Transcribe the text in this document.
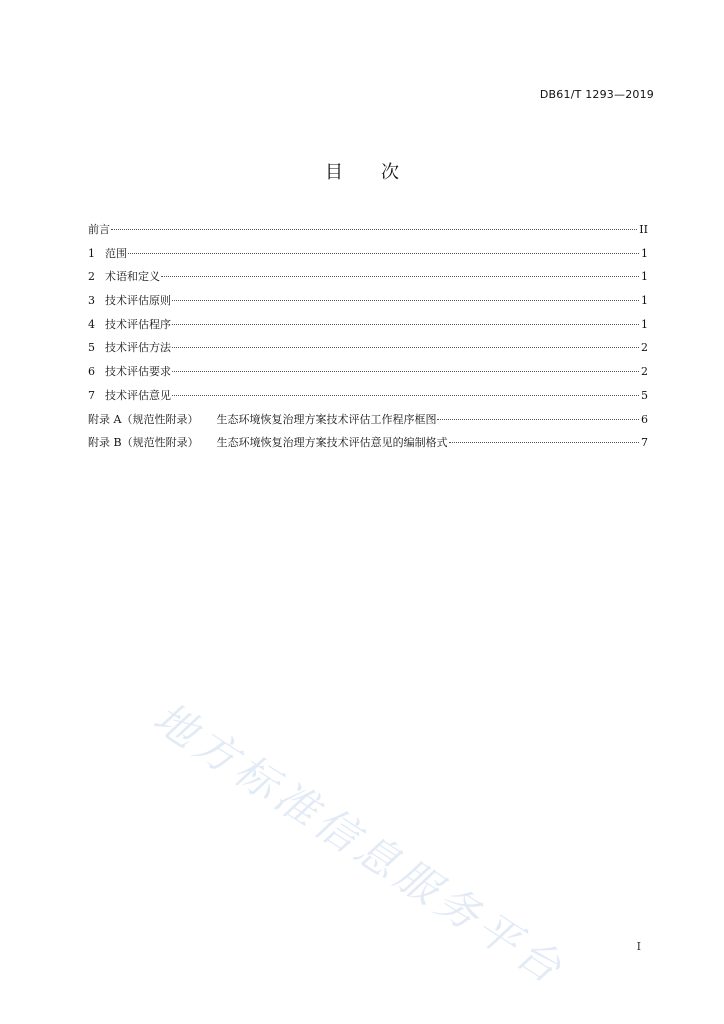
DB61/T 1293—2019
目 次
前言	II
1 范围	1
2 术语和定义	1
3 技术评估原则	1
4 技术评估程序	1
5 技术评估方法	2
6 技术评估要求	2
7 技术评估意见	5
附录 A（规范性附录） 生态环境恢复治理方案技术评估工作程序框图	6
附录 B（规范性附录） 生态环境恢复治理方案技术评估意见的编制格式	7
地方标准信息服务平台	I
